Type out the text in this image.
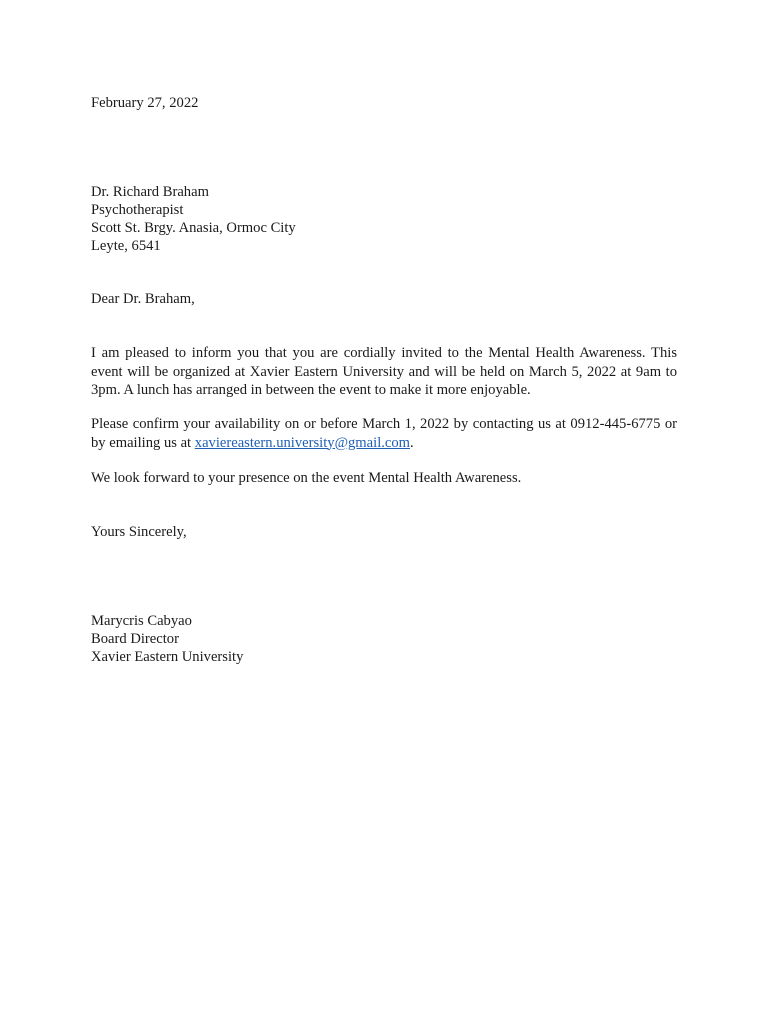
February 27, 2022
Dr. Richard Braham
Psychotherapist
Scott St. Brgy. Anasia, Ormoc City
Leyte, 6541
Dear Dr. Braham,

I am pleased to inform you that you are cordially invited to the Mental Health Awareness. This event will be organized at Xavier Eastern University and will be held on March 5, 2022 at 9am to 3pm. A lunch has arranged in between the event to make it more enjoyable.

Please confirm your availability on or before March 1, 2022 by contacting us at 0912-445-6775 or by emailing us at xaviereastern.university@gmail.com.

We look forward to your presence on the event Mental Health Awareness.

Yours Sincerely,
Marycris Cabyao
Board Director
Xavier Eastern University
